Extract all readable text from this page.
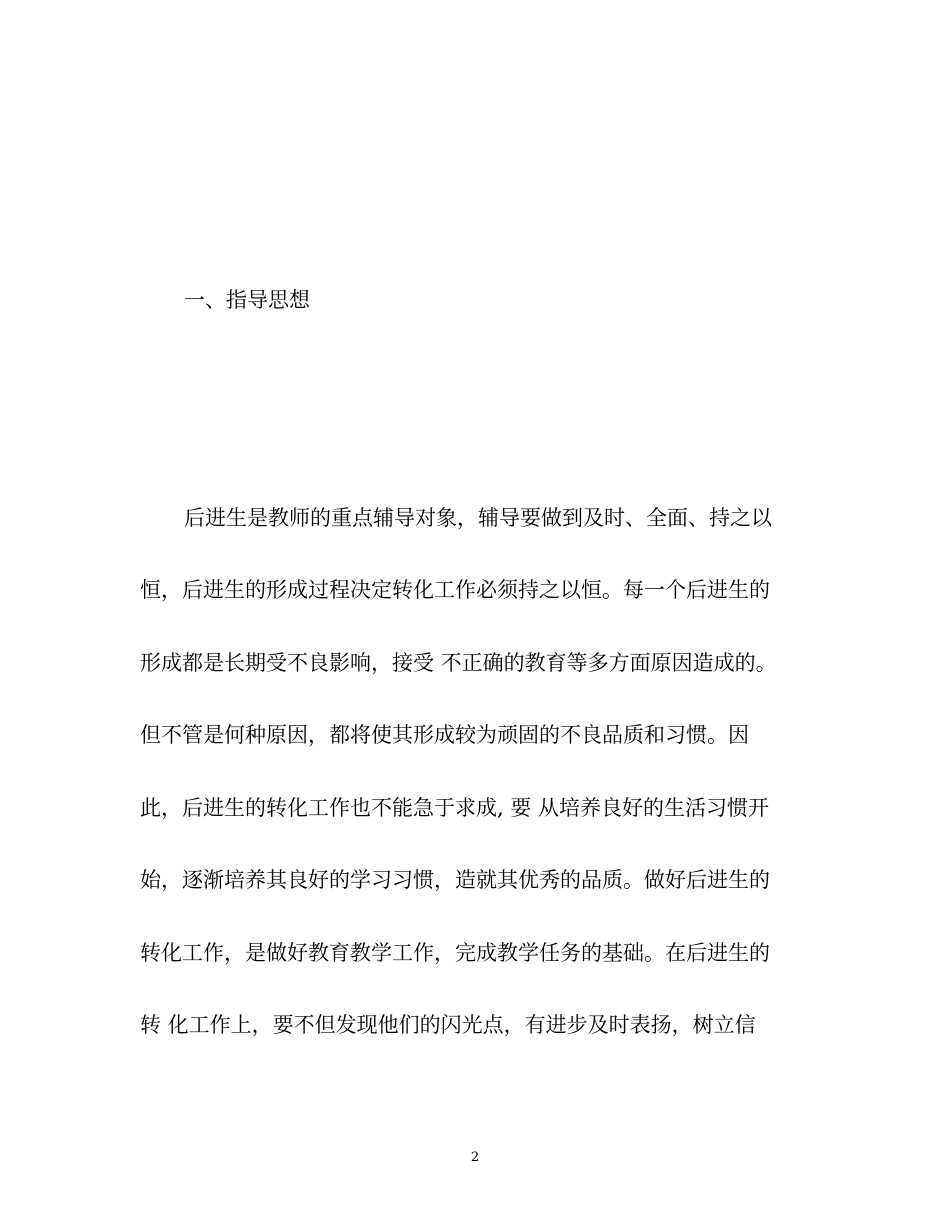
一、指导思想
后进生是教师的重点辅导对象，辅导要做到及时、全面、持之以
恒，后进生的形成过程决定转化工作必须持之以恒。每一个后进生的
形成都是长期受不良影响，接受 不正确的教育等多方面原因造成的。
但不管是何种原因，都将使其形成较为顽固的不良品质和习惯。因
此，后进生的转化工作也不能急于求成, 要 从培养良好的生活习惯开
始，逐渐培养其良好的学习习惯，造就其优秀的品质。做好后进生的
转化工作，是做好教育教学工作，完成教学任务的基础。在后进生的
转 化工作上，要不但发现他们的闪光点，有进步及时表扬，树立信
2
